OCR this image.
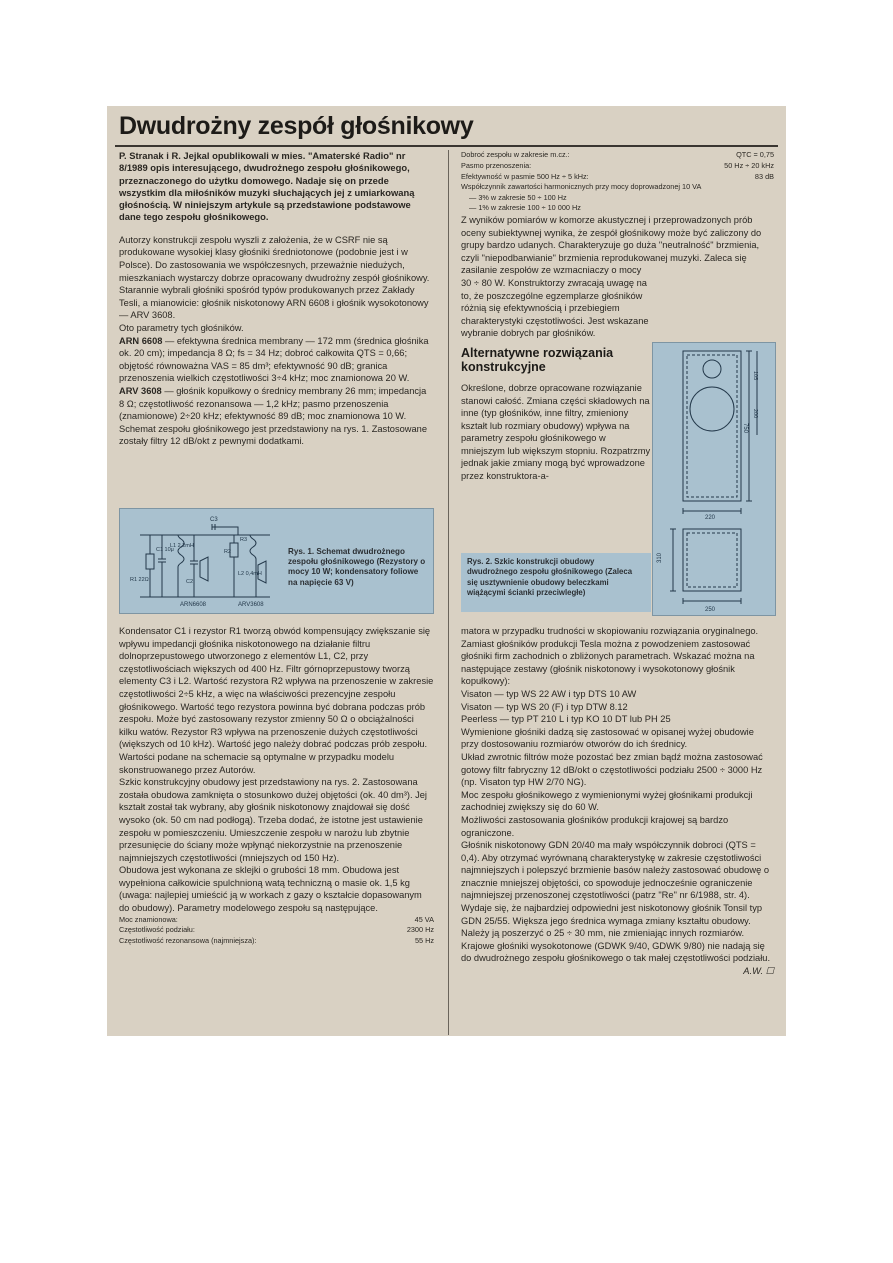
Dwudrożny zespół głośnikowy

P. Stranak i R. Jejkal opublikowali w mies. "Amaterské Radio" nr 8/1989 opis interesującego, dwudrożnego zespołu głośnikowego, przeznaczonego do użytku domowego. Nadaje się on przede wszystkim dla miłośników muzyki słuchających jej z umiarkowaną głośnością. W niniejszym artykule są przedstawione podstawowe dane tego zespołu głośnikowego.

Autorzy konstrukcji zespołu wyszli z założenia, że w CSRF nie są produkowane wysokiej klasy głośniki średniotonowe (podobnie jest i w Polsce). Do zastosowania we współczesnych, przeważnie niedużych, mieszkaniach wystarczy dobrze opracowany dwudrożny zespół głośnikowy. Starannie wybrali głośniki spośród typów produkowanych przez Zakłady Tesli, a mianowicie: głośnik niskotonowy ARN 6608 i głośnik wysokotonowy — ARV 3608.

Oto parametry tych głośników.

ARN 6608 — efektywna średnica membrany — 172 mm (średnica głośnika ok. 20 cm); impedancja 8 Ω; fs = 34 Hz; dobroć całkowita QTS = 0,66; objętość równoważna VAS = 85 dm³; efektywność 90 dB; granica przenoszenia wielkich częstotliwości 3÷4 kHz; moc znamionowa 20 W.

ARV 3608 — głośnik kopułkowy o średnicy membrany 26 mm; impedancja 8 Ω; częstotliwość rezonansowa — 1,2 kHz; pasmo przenoszenia (znamionowe) 2÷20 kHz; efektywność 89 dB; moc znamionowa 10 W.

Schemat zespołu głośnikowego jest przedstawiony na rys. 1. Zastosowane zostały filtry 12 dB/okt z pewnymi dodatkami.

C3
C1 10μ
L1 2,2mH
R1 22Ω
R2
R3
C2
L2 0,4mH
ARN6608	ARV3608
Rys. 1. Schemat dwudrożnego zespołu głośnikowego (Rezystory o mocy 10 W; kondensatory foliowe na napięcie 63 V)

Kondensator C1 i rezystor R1 tworzą obwód kompensujący zwiększanie się wpływu impedancji głośnika niskotonowego na działanie filtru dolnoprzepustowego utworzonego z elementów L1, C2, przy częstotliwościach większych od 400 Hz. Filtr górnoprzepustowy tworzą elementy C3 i L2. Wartość rezystora R2 wpływa na przenoszenie w zakresie częstotliwości 2÷5 kHz, a więc na właściwości prezencyjne zespołu głośnikowego. Wartość tego rezystora powinna być dobrana podczas prób zespołu. Może być zastosowany rezystor zmienny 50 Ω o obciążalności kilku watów. Rezystor R3 wpływa na przenoszenie dużych częstotliwości (większych od 10 kHz). Wartość jego należy dobrać podczas prób zespołu. Wartości podane na schemacie są optymalne w przypadku modelu skonstruowanego przez Autorów.

Szkic konstrukcyjny obudowy jest przedstawiony na rys. 2. Zastosowana została obudowa zamknięta o stosunkowo dużej objętości (ok. 40 dm³). Jej kształt został tak wybrany, aby głośnik niskotonowy znajdował się dość wysoko (ok. 50 cm nad podłogą). Trzeba dodać, że istotne jest ustawienie zespołu w pomieszczeniu. Umieszczenie zespołu w narożu lub zbytnie przesunięcie do ściany może wpłynąć niekorzystnie na przenoszenie najmniejszych częstotliwości (mniejszych od 150 Hz).

Obudowa jest wykonana ze sklejki o grubości 18 mm. Obudowa jest wypełniona całkowicie spulchnioną watą techniczną o masie ok. 1,5 kg (uwaga: najlepiej umieścić ją w workach z gazy o kształcie dopasowanym do obudowy). Parametry modelowego zespołu są następujące.

Moc znamionowa:	45 VA
Częstotliwość podziału:	2300 Hz
Częstotliwość rezonansowa (najmniejsza):	55 Hz
Dobroć zespołu w zakresie m.cz.:	QTC = 0,75
Pasmo przenoszenia:	50 Hz ÷ 20 kHz
Efektywność w pasmie 500 Hz ÷ 5 kHz:	83 dB
Współczynnik zawartości harmonicznych przy mocy doprowadzonej 10 VA
— 3% w zakresie 50 ÷ 100 Hz
— 1% w zakresie 100 ÷ 10 000 Hz

Z wyników pomiarów w komorze akustycznej i przeprowadzonych prób oceny subiektywnej wynika, że zespół głośnikowy może być zaliczony do grupy bardzo udanych. Charakteryzuje go duża "neutralność" brzmienia, czyli "niepodbarwianie" brzmienia reprodukowanej muzyki. Zaleca się zasilanie zespołów ze wzmacniaczy o mocy

30 ÷ 80 W. Konstruktorzy zwracają uwagę na to, że poszczególne egzemplarze głośników różnią się efektywnością i przebiegiem charakterystyki częstotliwości. Jest wskazane wybranie dobrych par głośników.

Alternatywne rozwiązania konstrukcyjne

Określone, dobrze opracowane rozwiązanie stanowi całość. Zmiana części składowych na inne (typ głośników, inne filtry, zmieniony kształt lub rozmiary obudowy) wpływa na parametry zespołu głośnikowego w mniejszym lub większym stopniu. Rozpatrzmy jednak jakie zmiany mogą być wprowadzone przez konstruktora-a-

105
200
750
220
310
250
Rys. 2. Szkic konstrukcji obudowy dwudrożnego zespołu głośnikowego (Zaleca się usztywnienie obudowy beleczkami wiążącymi ścianki przeciwległe)

matora w przypadku trudności w skopiowaniu rozwiązania oryginalnego. Zamiast głośników produkcji Tesla można z powodzeniem zastosować głośniki firm zachodnich o zbliżonych parametrach. Wskazać można na następujące zestawy (głośnik niskotonowy i wysokotonowy głośnik kopułkowy):

Visaton — typ WS 22 AW i typ DTS 10 AW

Visaton — typ WS 20 (F) i typ DTW 8.12

Peerless — typ PT 210 L i typ KO 10 DT lub PH 25

Wymienione głośniki dadzą się zastosować w opisanej wyżej obudowie przy dostosowaniu rozmiarów otworów do ich średnicy.

Układ zwrotnic filtrów może pozostać bez zmian bądź można zastosować gotowy filtr fabryczny 12 dB/okt o częstotliwości podziału 2500 ÷ 3000 Hz (np. Visaton typ HW 2/70 NG).

Moc zespołu głośnikowego z wymienionymi wyżej głośnikami produkcji zachodniej zwiększy się do 60 W.

Możliwości zastosowania głośników produkcji krajowej są bardzo ograniczone.

Głośnik niskotonowy GDN 20/40 ma mały współczynnik dobroci (QTS = 0,4). Aby otrzymać wyrównaną charakterystykę w zakresie częstotliwości najmniejszych i polepszyć brzmienie basów należy zastosować obudowę o znacznie mniejszej objętości, co spowoduje jednocześnie ograniczenie najmniejszej przenoszonej częstotliwości (patrz "Re" nr 6/1988, str. 4). Wydaje się, że najbardziej odpowiedni jest niskotonowy głośnik Tonsil typ GDN 25/55. Większa jego średnica wymaga zmiany kształtu obudowy. Należy ją poszerzyć o 25 ÷ 30 mm, nie zmieniając innych rozmiarów.

Krajowe głośniki wysokotonowe (GDWK 9/40, GDWK 9/80) nie nadają się do dwudrożnego zespołu głośnikowego o tak małej częstotliwości podziału.

A.W. ☐
